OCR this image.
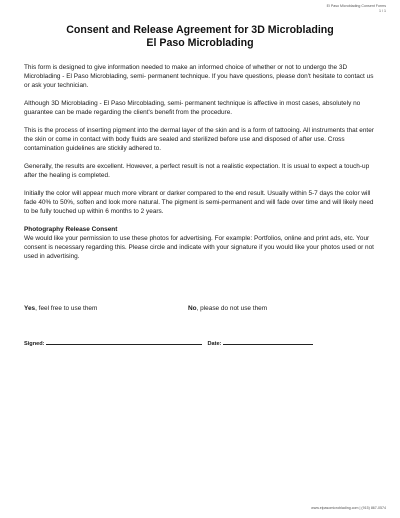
El Paso Microblading Consent Forms
1 / 1
Consent and Release Agreement for 3D Microblading
El Paso Microblading

This form is designed to give information needed to make an informed choice of whether or not to undergo the 3D Microblading - El Paso Microblading, semi- permanent technique. If you have questions, please don't hesitate to contact us or ask your technician.

Although 3D Microblading - El Paso Mircoblading, semi- permanent technique is affective in most cases, absolutely no guarantee can be made regarding the client's benefit from the procedure.

This is the process of inserting pigment into the dermal layer of the skin and is a form of tattooing. All instruments that enter the skin or come in contact with body fluids are sealed and sterilized before use and disposed of after use. Cross contamination guidelines are stickily adhered to.

Generally, the results are excellent. However, a perfect result is not a realistic expectation. It is usual to expect a touch-up after the healing is completed.

Initially the color will appear much more vibrant or darker compared to the end result. Usually within 5-7 days the color will fade 40% to 50%, soften and look more natural. The pigment is semi-permanent and will fade over time and will likely need to be fully touched up within 6 months to 2 years.

Photography Release Consent

We would like your permission to use these photos for advertising. For example: Portfolios, online and print ads, etc. Your consent is necessary regarding this. Please circle and indicate with your signature if you would like your photos used or not used in advertising.

Yes, feel free to use them	No, please do not use them
Signed:	Date:
www.elpasomicroblading.com | (915) 867-0574
